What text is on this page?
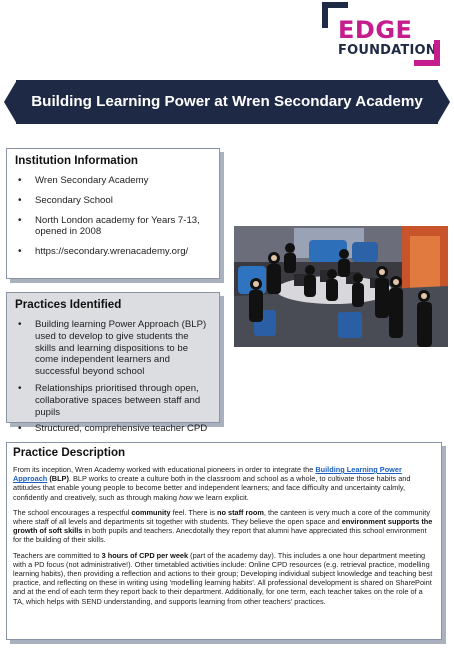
EDGE
FOUNDATION
Building Learning Power at Wren Secondary Academy
Institution Information
• Wren Secondary Academy
• Secondary School
• North London academy for Years 7-13, opened in 2008
• https://secondary.wrenacademy.org/
Practices Identified
• Building learning Power Approach (BLP) used to develop to give students the skills and learning dispositions to be come independent learners and successful beyond school
• Relationships prioritised through open, collaborative spaces between staff and pupils
• Structured, comprehensive teacher CPD
Practice Description

From its inception, Wren Academy worked with educational pioneers in order to integrate the Building Learning Power Approach (BLP). BLP works to create a culture both in the classroom and school as a whole, to cultivate those habits and attitudes that enable young people to become better and independent learners; and face difficulty and uncertainty calmly, confidently and creatively, such as through making how we learn explicit.

The school encourages a respectful community feel. There is no staff room, the canteen is very much a core of the community where staff of all levels and departments sit together with students. They believe the open space and environment supports the growth of soft skills in both pupils and teachers. Anecdotally they report that alumni have appreciated this school environment for the building of their skills.

Teachers are committed to 3 hours of CPD per week (part of the academy day). This includes a one hour department meeting with a PD focus (not administrative!). Other timetabled activities include: Online CPD resources (e.g. retrieval practice, modelling learning habits), then providing a reflection and actions to their group; Developing individual subject knowledge and teaching best practice, and reflecting on these in writing using 'modelling learning habits'. All professional development is shared on SharePoint and at the end of each term they report back to their department. Additionally, for one term, each teacher takes on the role of a TA, which helps with SEND understanding, and supports learning from other teachers' practices.
